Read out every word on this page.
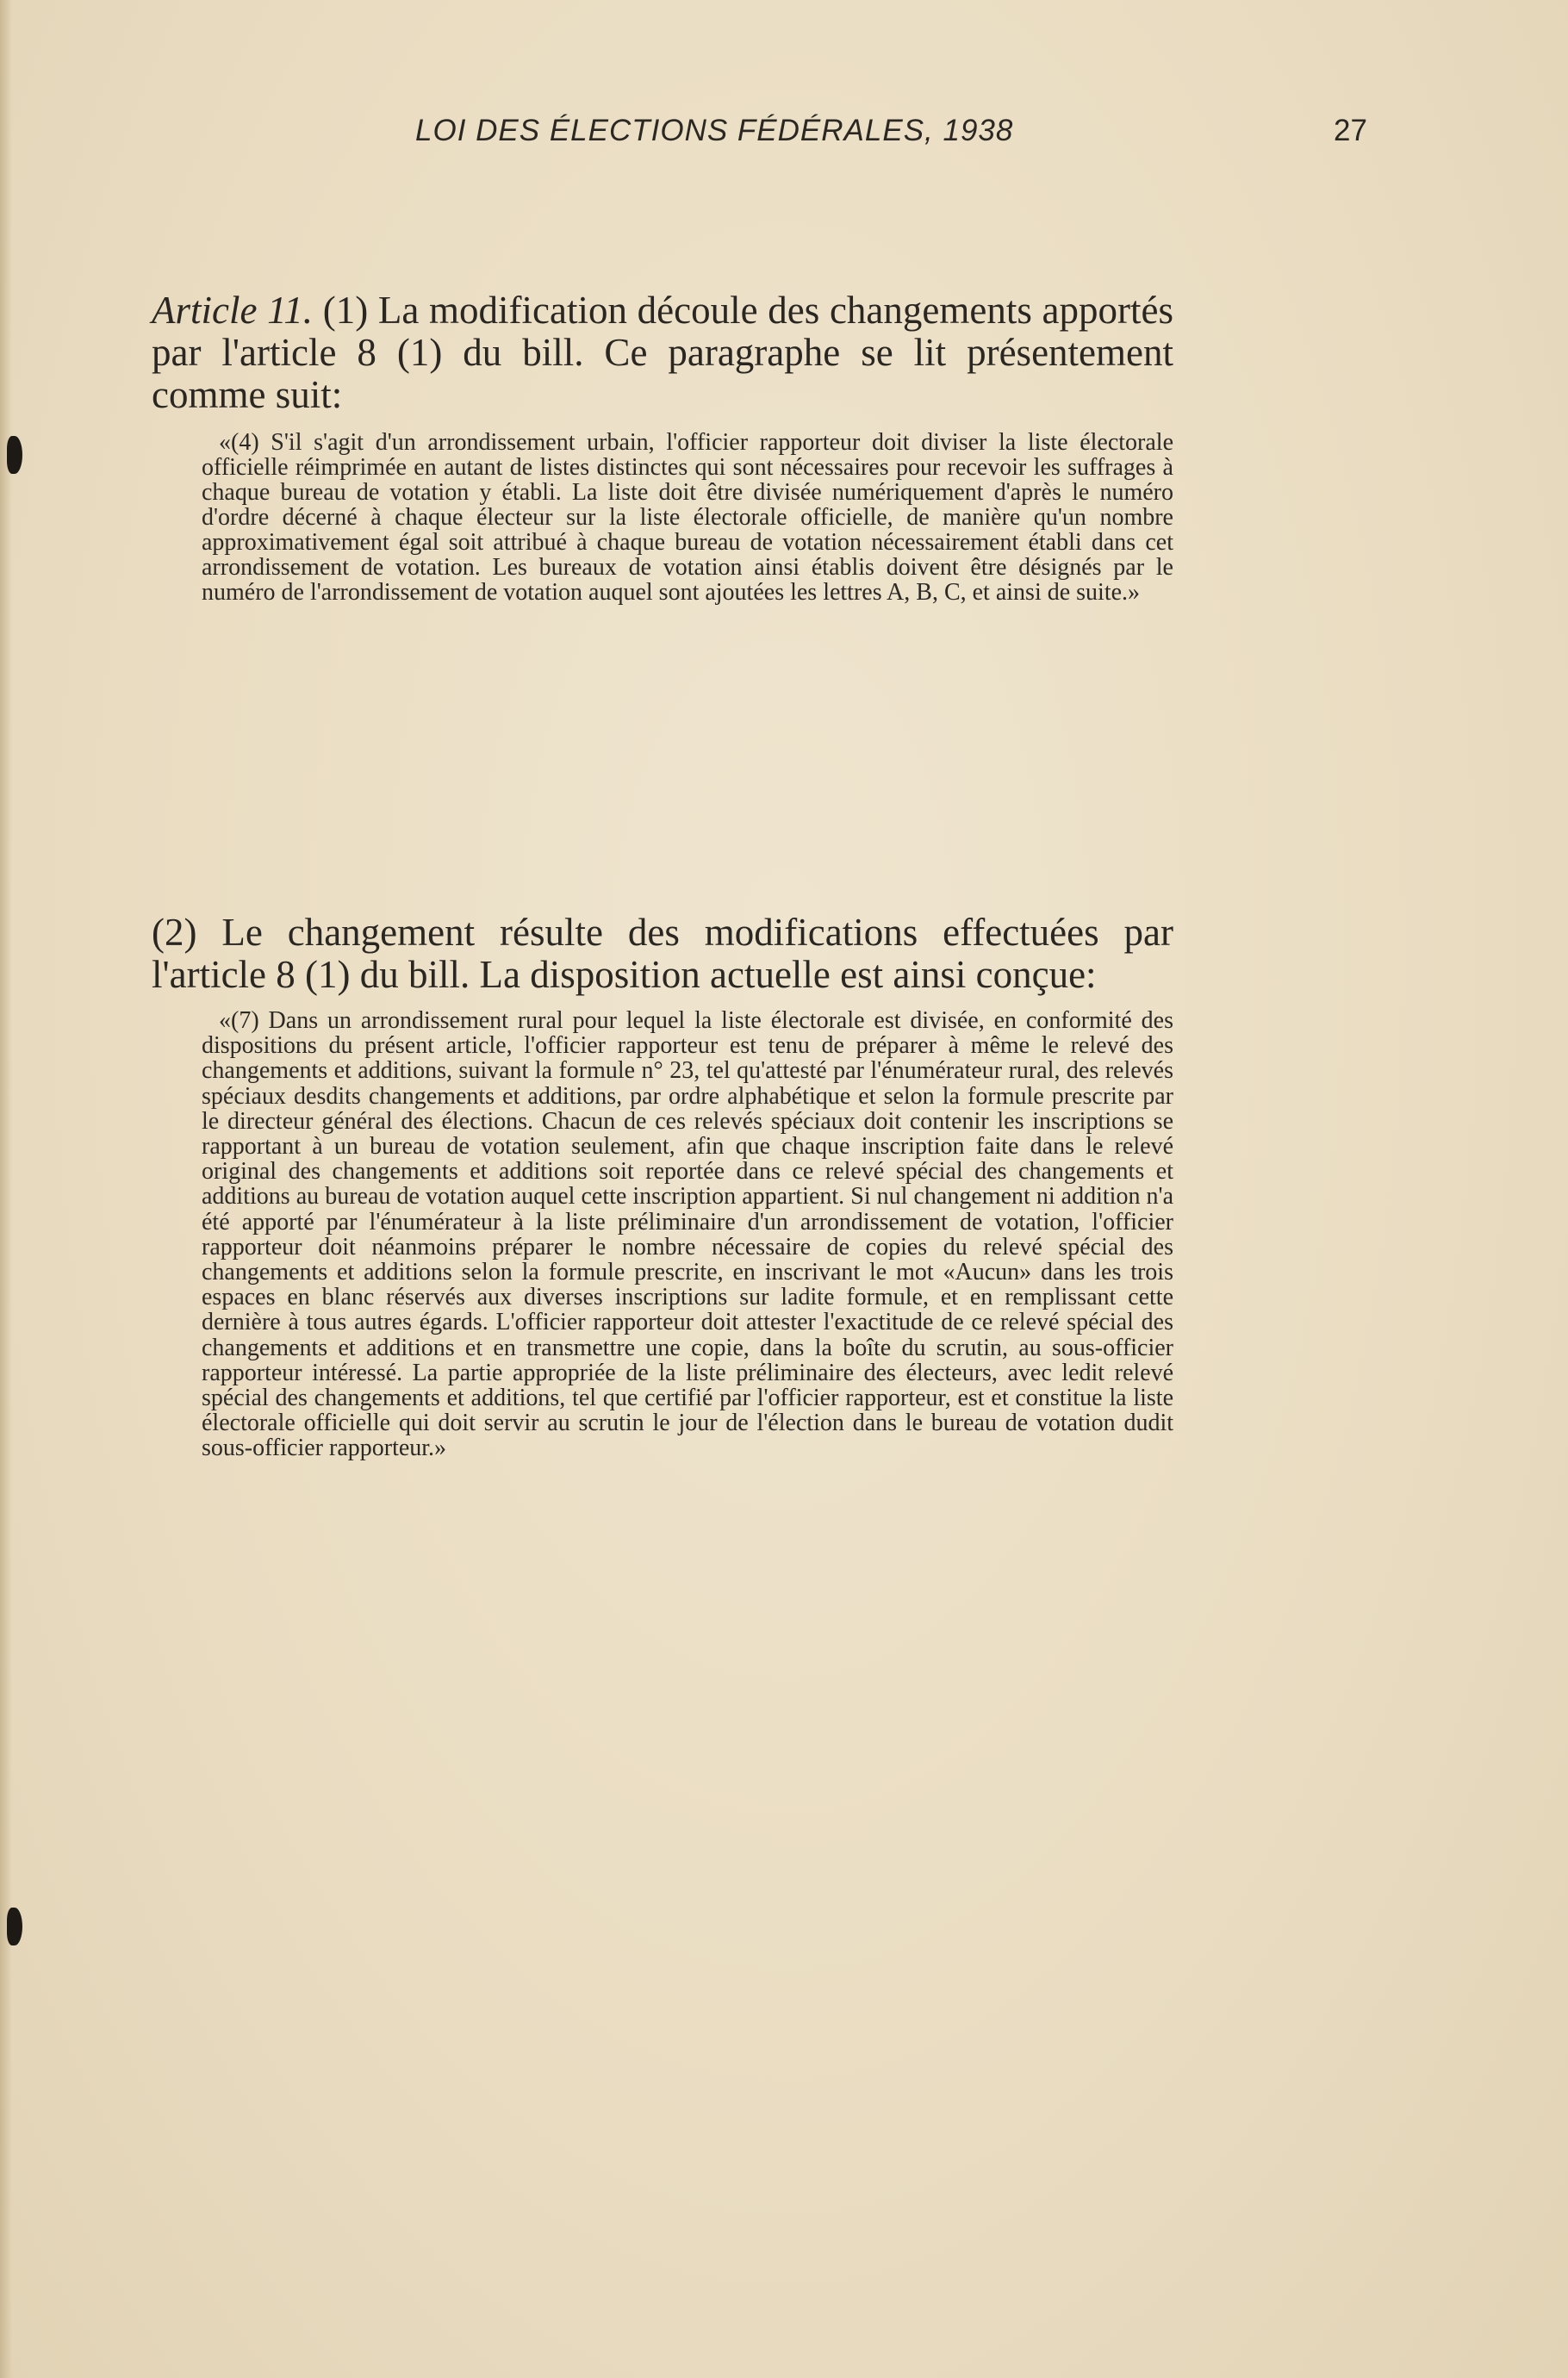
LOI DES ÉLECTIONS FÉDÉRALES, 1938	27

Article 11. (1) La modification découle des changements apportés par l'article 8 (1) du bill. Ce paragraphe se lit présentement comme suit:

«(4) S'il s'agit d'un arrondissement urbain, l'officier rapporteur doit diviser la liste électorale officielle réimprimée en autant de listes distinctes qui sont nécessaires pour recevoir les suffrages à chaque bureau de votation y établi. La liste doit être divisée numériquement d'après le numéro d'ordre décerné à chaque électeur sur la liste électorale officielle, de manière qu'un nombre approximativement égal soit attribué à chaque bureau de votation nécessairement établi dans cet arrondissement de votation. Les bureaux de votation ainsi établis doivent être désignés par le numéro de l'arrondissement de votation auquel sont ajoutées les lettres A, B, C, et ainsi de suite.»

(2) Le changement résulte des modifications effectuées par l'article 8 (1) du bill. La disposition actuelle est ainsi conçue:

«(7) Dans un arrondissement rural pour lequel la liste électorale est divisée, en conformité des dispositions du présent article, l'officier rapporteur est tenu de préparer à même le relevé des changements et additions, suivant la formule n° 23, tel qu'attesté par l'énumérateur rural, des relevés spéciaux desdits changements et additions, par ordre alphabétique et selon la formule prescrite par le directeur général des élections. Chacun de ces relevés spéciaux doit contenir les inscriptions se rapportant à un bureau de votation seulement, afin que chaque inscription faite dans le relevé original des changements et additions soit reportée dans ce relevé spécial des changements et additions au bureau de votation auquel cette inscription appartient. Si nul changement ni addition n'a été apporté par l'énumérateur à la liste préliminaire d'un arrondissement de votation, l'officier rapporteur doit néanmoins préparer le nombre nécessaire de copies du relevé spécial des changements et additions selon la formule prescrite, en inscrivant le mot «Aucun» dans les trois espaces en blanc réservés aux diverses inscriptions sur ladite formule, et en remplissant cette dernière à tous autres égards. L'officier rapporteur doit attester l'exactitude de ce relevé spécial des changements et additions et en transmettre une copie, dans la boîte du scrutin, au sous-officier rapporteur intéressé. La partie appropriée de la liste préliminaire des électeurs, avec ledit relevé spécial des changements et additions, tel que certifié par l'officier rapporteur, est et constitue la liste électorale officielle qui doit servir au scrutin le jour de l'élection dans le bureau de votation dudit sous-officier rapporteur.»
